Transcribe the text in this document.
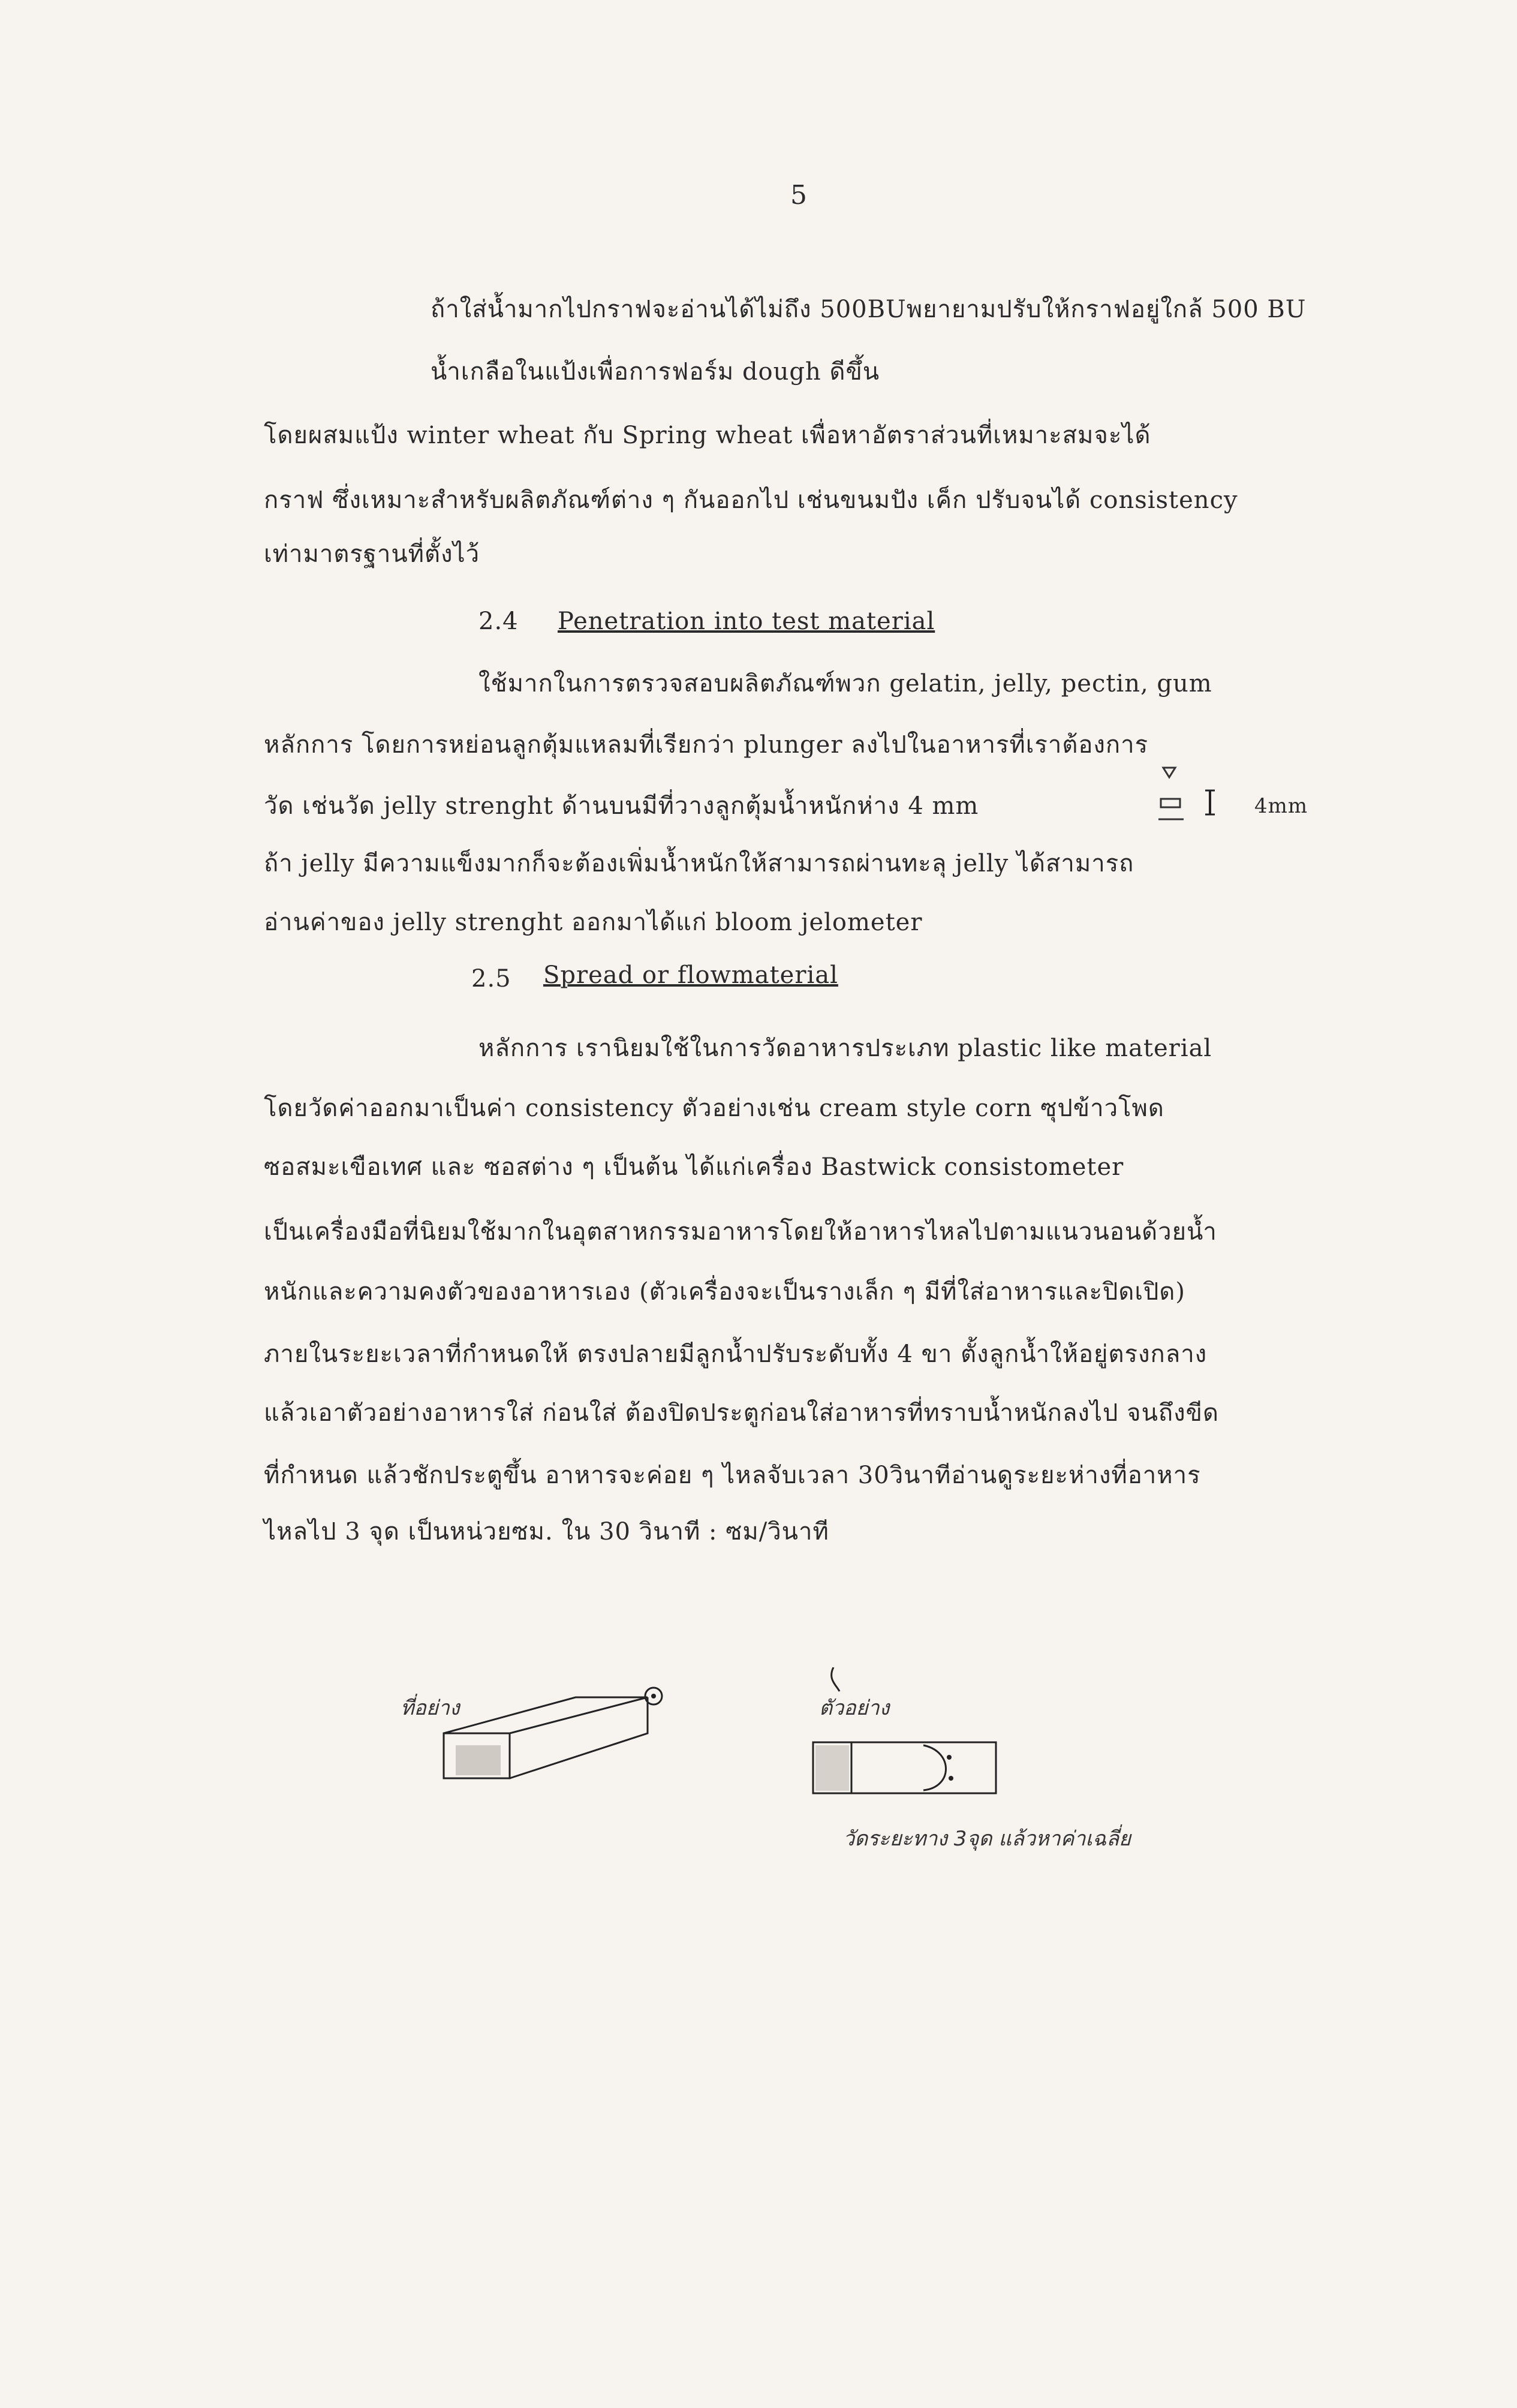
5
ถ้าใส่น้ำมากไปกราฟจะอ่านได้ไม่ถึง 500BUพยายามปรับให้กราฟอยู่ใกล้ 500 BU
น้ำเกลือในแป้งเพื่อการฟอร์ม dough ดีขึ้น
โดยผสมแป้ง winter wheat กับ Spring wheat เพื่อหาอัตราส่วนที่เหมาะสมจะได้
กราฟ ซึ่งเหมาะสำหรับผลิตภัณฑ์ต่าง ๆ กันออกไป เช่นขนมปัง เค็ก ปรับจนได้ consistency
เท่ามาตรฐานที่ตั้งไว้
2.4 Penetration into test material
ใช้มากในการตรวจสอบผลิตภัณฑ์พวก gelatin, jelly, pectin, gum
หลักการ โดยการหย่อนลูกตุ้มแหลมที่เรียกว่า plunger ลงไปในอาหารที่เราต้องการ
วัด เช่นวัด jelly strenght ด้านบนมีที่วางลูกตุ้มน้ำหนักห่าง 4 mm	4mm
ถ้า jelly มีความแข็งมากก็จะต้องเพิ่มน้ำหนักให้สามารถผ่านทะลุ jelly ได้สามารถ
อ่านค่าของ jelly strenght ออกมาได้แก่ bloom jelometer
2.5 Spread or flowmaterial
หลักการ เรานิยมใช้ในการวัดอาหารประเภท plastic like material
โดยวัดค่าออกมาเป็นค่า consistency ตัวอย่างเช่น cream style corn ซุปข้าวโพด
ซอสมะเขือเทศ และ ซอสต่าง ๆ เป็นต้น ได้แก่เครื่อง Bastwick consistometer
เป็นเครื่องมือที่นิยมใช้มากในอุตสาหกรรมอาหารโดยให้อาหารไหลไปตามแนวนอนด้วยน้ำ
หนักและความคงตัวของอาหารเอง (ตัวเครื่องจะเป็นรางเล็ก ๆ มีที่ใส่อาหารและปิดเปิด)
ภายในระยะเวลาที่กำหนดให้ ตรงปลายมีลูกน้ำปรับระดับทั้ง 4 ขา ตั้งลูกน้ำให้อยู่ตรงกลาง
แล้วเอาตัวอย่างอาหารใส่ ก่อนใส่ ต้องปิดประตูก่อนใส่อาหารที่ทราบน้ำหนักลงไป จนถึงขีด
ที่กำหนด แล้วชักประตูขึ้น อาหารจะค่อย ๆ ไหลจับเวลา 30วินาทีอ่านดูระยะห่างที่อาหาร
ไหลไป 3 จุด เป็นหน่วยซม. ใน 30 วินาที : ซม/วินาที
ที่อย่าง	ตัวอย่าง
วัดระยะทาง 3จุด แล้วหาค่าเฉลี่ย
